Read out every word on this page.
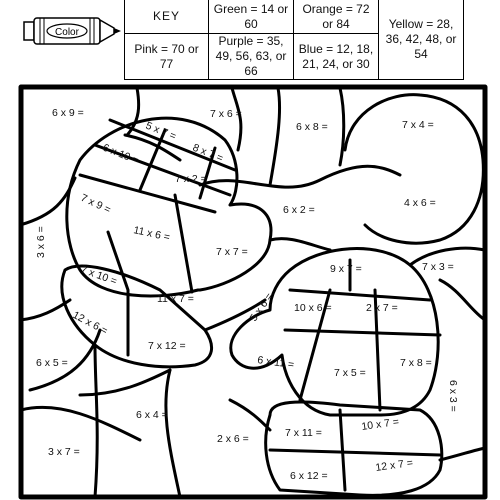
Color
KEY	Green = 14 or 60	Orange = 72 or 84	Yellow = 28, 36, 42, 48, or 54
Pink = 70 or 77	Purple = 35, 49, 56, 63, or 66	Blue = 12, 18, 21, 24, or 30	
6 x 9 =
5 x 7 =
7 x 6 =
6 x 8 =	7 x 4 =
6 x 10 =	8 x 7 =
7 x 2 =
7 x 9 =	4 x 6 =
11 x 6 =
6 x 2 =
3 x 6 =	7 x 7 =
9 x 7 =	7 x 3 =
7 x 10 =
11 x 7 =	5 x 6 = 10 x 6 =	2 x 7 =
12 x 6 =
7 x 12 =
6 x 5 =	6 x 11 =
7 x 5 =
7 x 8 =
6 x 3 =
6 x 4 =
2 x 6 =	7 x 11 =
10 x 7 =
3 x 7 =
6 x 12 =
12 x 7 =
